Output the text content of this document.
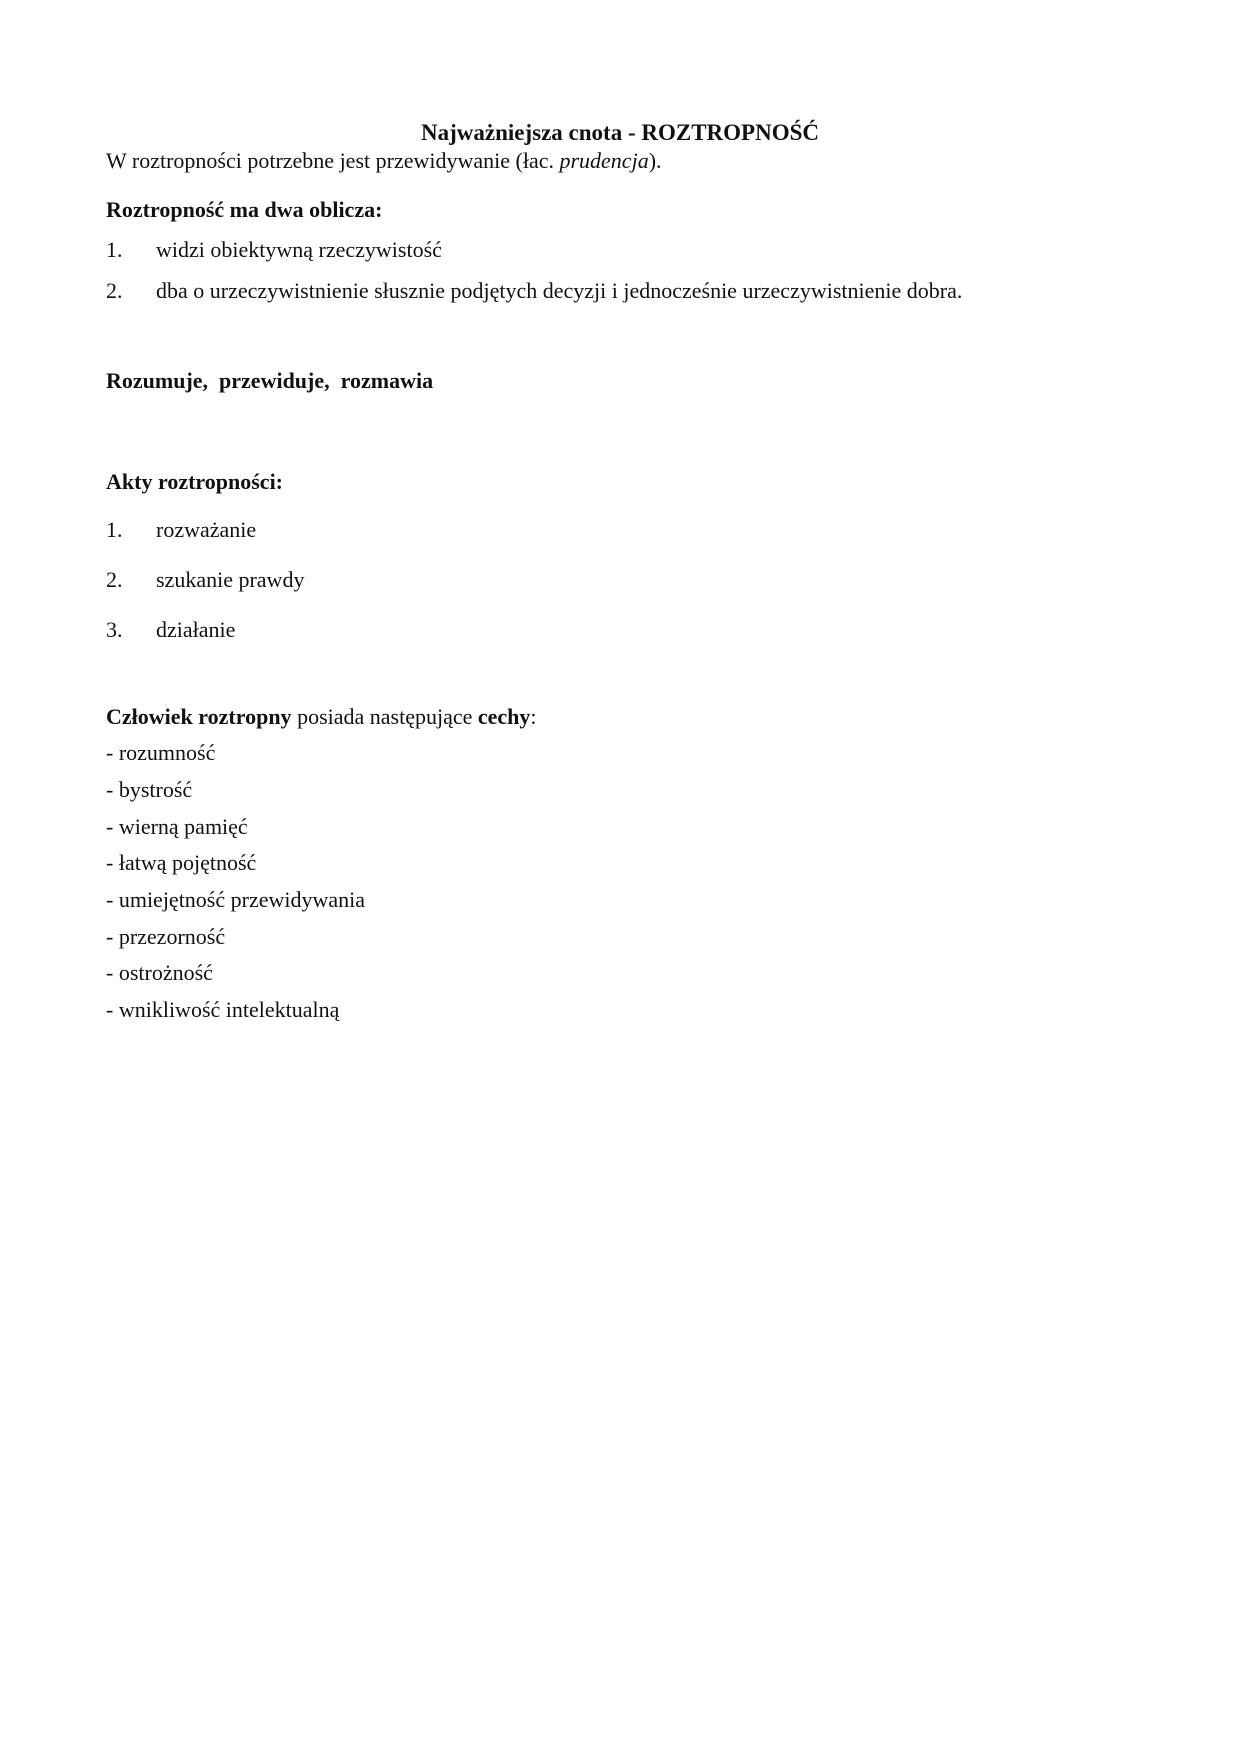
Najważniejsza cnota - ROZTROPNOŚĆ
W roztropności potrzebne jest przewidywanie (łac. prudencja).
Roztropność ma dwa oblicza:
1. widzi obiektywną rzeczywistość
2. dba o urzeczywistnienie słusznie podjętych decyzji i jednocześnie urzeczywistnienie dobra.
Rozumuje,  przewiduje,  rozmawia
Akty roztropności:
1. rozważanie
2. szukanie prawdy
3. działanie
Człowiek roztropny posiada następujące cechy:
- rozumność
- bystrość
- wierną pamięć
- łatwą pojętność
- umiejętność przewidywania
- przezorność
- ostrożność
- wnikliwość intelektualną
